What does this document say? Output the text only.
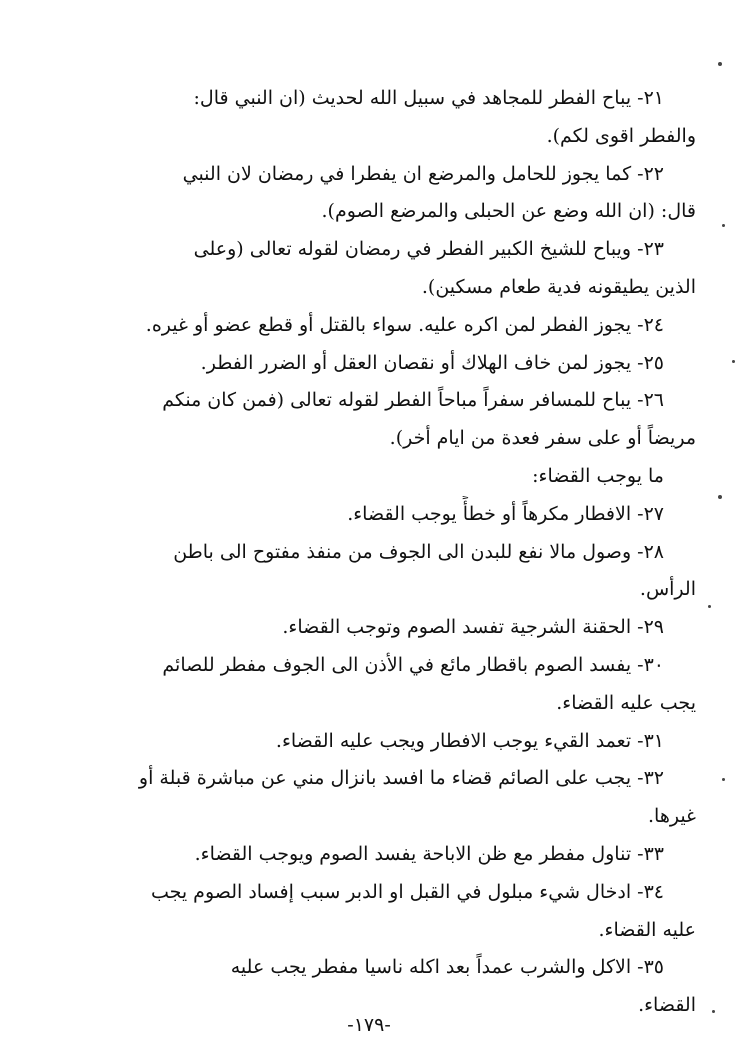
٢١- يباح الفطر للمجاهد في سبيل الله لحديث (ان النبي قال:
والفطر اقوى لكم).
٢٢- كما يجوز للحامل والمرضع ان يفطرا في رمضان لان النبي
قال: (ان الله وضع عن الحبلى والمرضع الصوم).
٢٣- ويباح للشيخ الكبير الفطر في رمضان لقوله تعالى (وعلى
الذين يطيقونه فدية طعام مسكين).
٢٤- يجوز الفطر لمن اكره عليه. سواء بالقتل أو قطع عضو أو غيره.
٢٥- يجوز لمن خاف الهلاك أو نقصان العقل أو الضرر الفطر.
٢٦- يباح للمسافر سفراً مباحاً الفطر لقوله تعالى (فمن كان منكم
مريضاً أو على سفر فعدة من ايام أخر).
ما يوجب القضاء:
٢٧- الافطار مكرهاً أو خطأً يوجب القضاء.
٢٨- وصول مالا نفع للبدن الى الجوف من منفذ مفتوح الى باطن
الرأس.
٢٩- الحقنة الشرجية تفسد الصوم وتوجب القضاء.
٣٠- يفسد الصوم باقطار مائع في الأذن الى الجوف مفطر للصائم
يجب عليه القضاء.
٣١- تعمد القيء يوجب الافطار ويجب عليه القضاء.
٣٢- يجب على الصائم قضاء ما افسد بانزال مني عن مباشرة قبلة أو
غيرها.
٣٣- تناول مفطر مع ظن الاباحة يفسد الصوم ويوجب القضاء.
٣٤- ادخال شيء مبلول في القبل او الدبر سبب إفساد الصوم يجب
عليه القضاء.
٣٥- الاكل والشرب عمداً بعد اكله ناسيا مفطر يجب عليه
القضاء.
-١٧٩-
